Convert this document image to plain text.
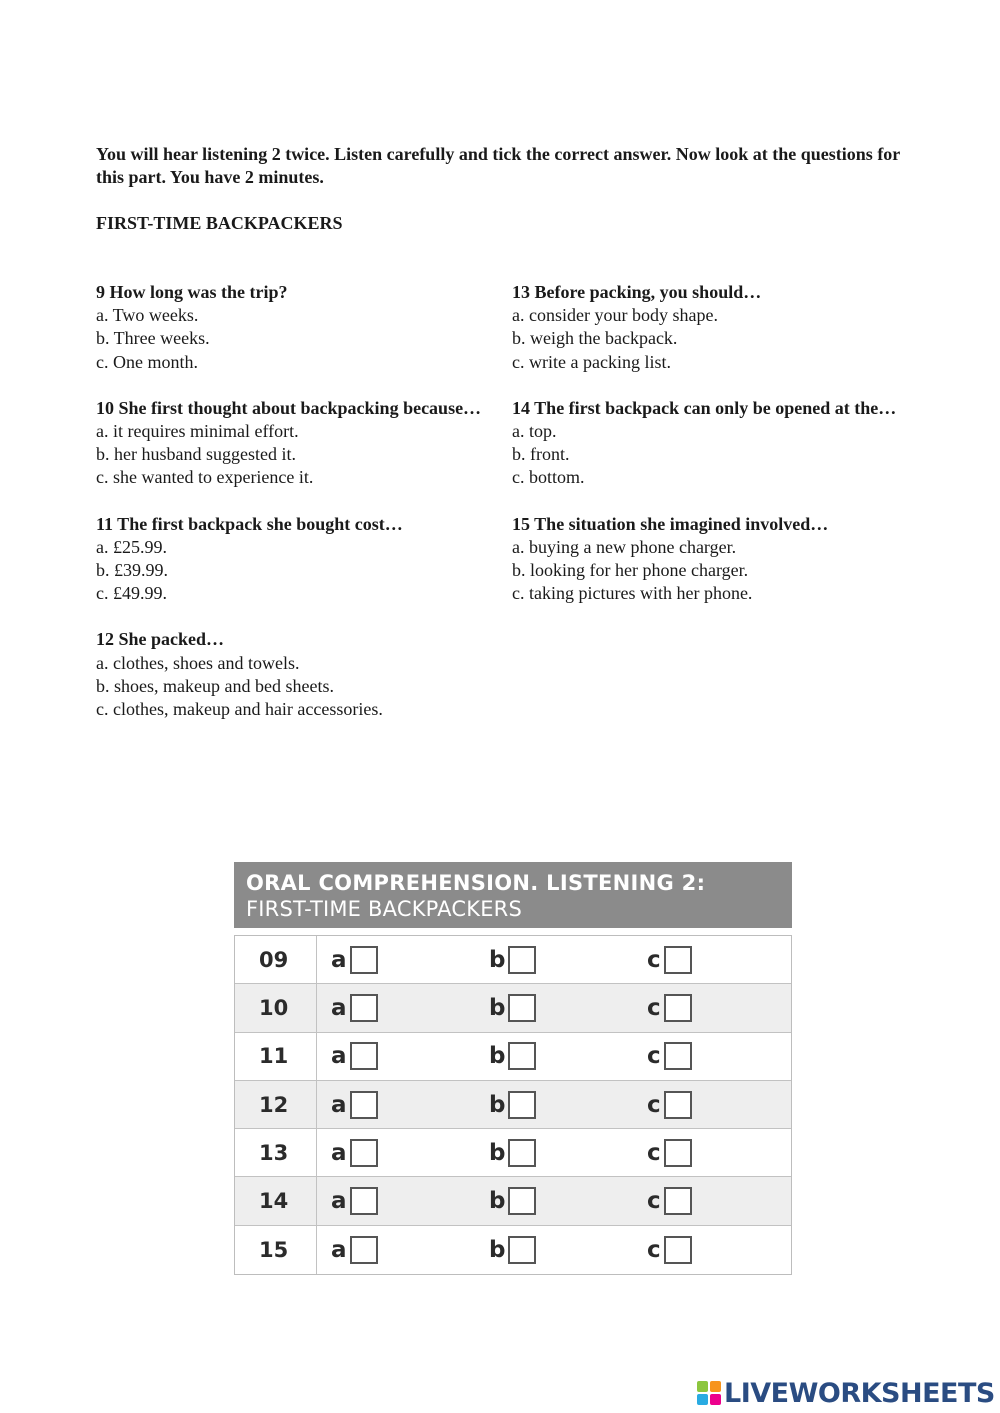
You will hear listening 2 twice. Listen carefully and tick the correct answer. Now look at the questions for this part. You have 2 minutes.
FIRST-TIME BACKPACKERS
9 How long was the trip?
a. Two weeks.
b. Three weeks.
c. One month.
10 She first thought about backpacking because…
a. it requires minimal effort.
b. her husband suggested it.
c. she wanted to experience it.
11 The first backpack she bought cost…
a. £25.99.
b. £39.99.
c. £49.99.
12 She packed…
a. clothes, shoes and towels.
b. shoes, makeup and bed sheets.
c. clothes, makeup and hair accessories.
13 Before packing, you should…
a. consider your body shape.
b. weigh the backpack.
c. write a packing list.
14 The first backpack can only be opened at the…
a. top.
b. front.
c. bottom.
15 The situation she imagined involved…
a. buying a new phone charger.
b. looking for her phone charger.
c. taking pictures with her phone.
ORAL COMPREHENSION. LISTENING 2:
FIRST-TIME BACKPACKERS
09	a	b	c
10	a	b	c
11	a	b	c
12	a	b	c
13	a	b	c
14	a	b	c
15	a	b	c
LIVEWORKSHEETS
